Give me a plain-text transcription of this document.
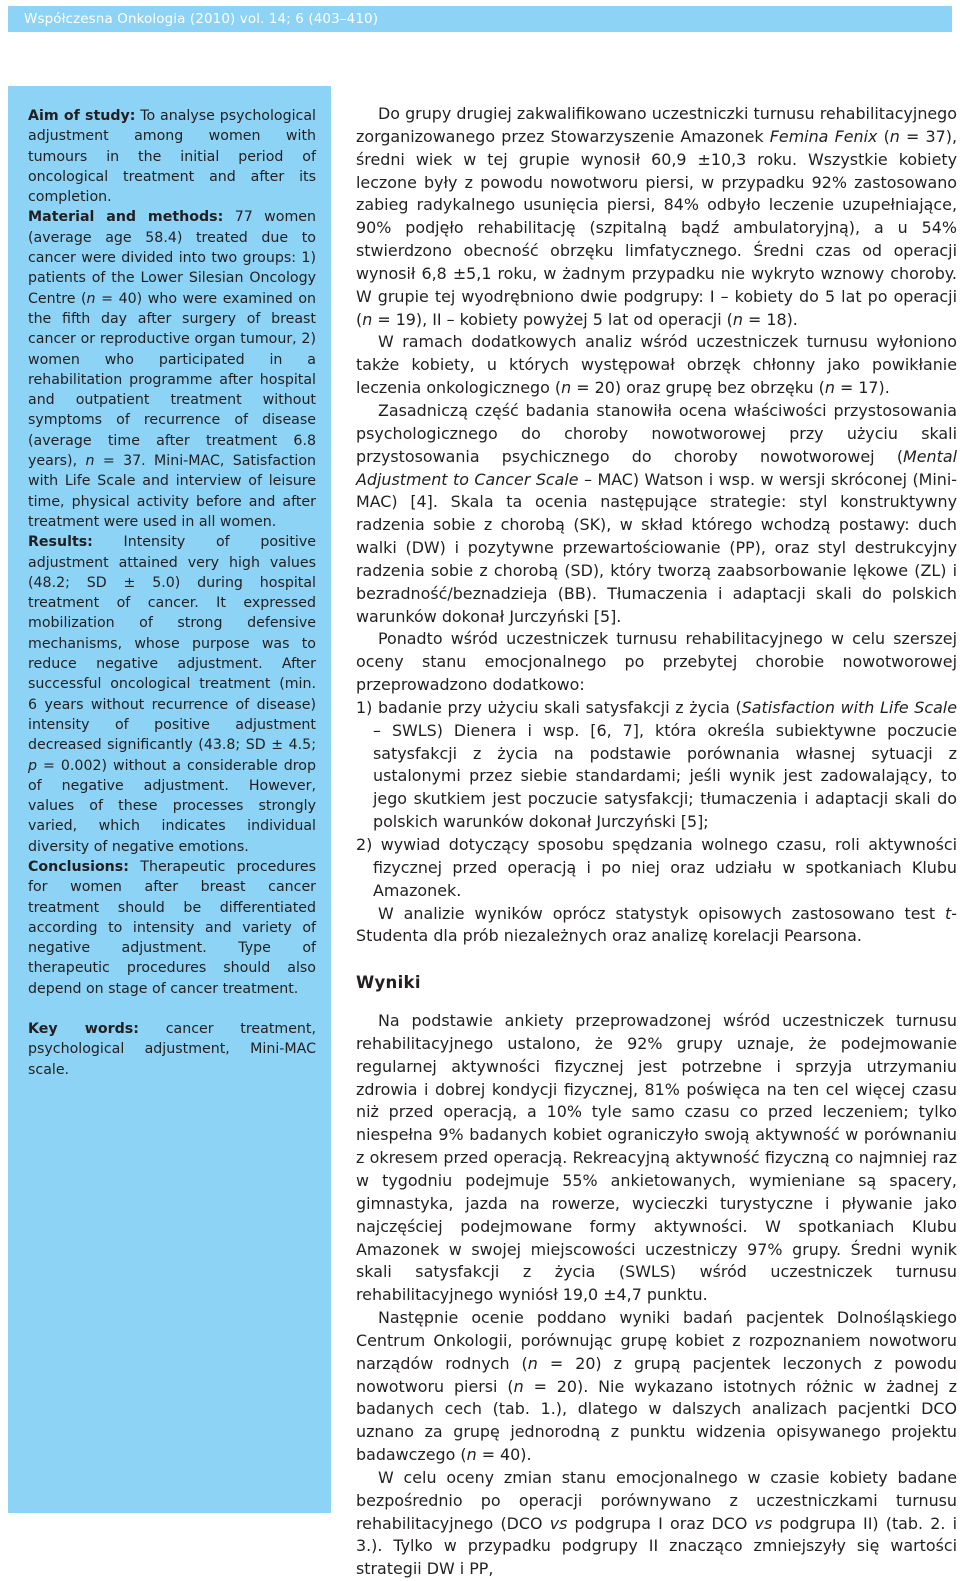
Współczesna Onkologia (2010) vol. 14; 6 (403–410)

Aim of study: To analyse psychological adjustment among women with tumours in the initial period of oncological treatment and after its completion.

Material and methods: 77 women (average age 58.4) treated due to cancer were divided into two groups: 1) patients of the Lower Silesian Oncology Centre (n = 40) who were examined on the fifth day after surgery of breast cancer or reproductive organ tumour, 2) women who participated in a rehabilitation programme after hospital and outpatient treatment without symptoms of recurrence of disease (average time after treatment 6.8 years), n = 37. Mini-MAC, Satisfaction with Life Scale and interview of leisure time, physical activity before and after treatment were used in all women.

Results: Intensity of positive adjustment attained very high values (48.2; SD ± 5.0) during hospital treatment of cancer. It expressed mobilization of strong defensive mechanisms, whose purpose was to reduce negative adjustment. After successful oncological treatment (min. 6 years without recurrence of disease) intensity of positive adjustment decreased significantly (43.8; SD ± 4.5; p = 0.002) without a considerable drop of negative adjustment. However, values of these processes strongly varied, which indicates individual diversity of negative emotions.

Conclusions: Therapeutic procedures for women after breast cancer treatment should be differentiated according to intensity and variety of negative adjustment. Type of therapeutic procedures should also depend on stage of cancer treatment.

Key words: cancer treatment, psychological adjustment, Mini-MAC scale.

Do grupy drugiej zakwalifikowano uczestniczki turnusu rehabilitacyjnego zorganizowanego przez Stowarzyszenie Amazonek Femina Fenix (n = 37), średni wiek w tej grupie wynosił 60,9 ±10,3 roku. Wszystkie kobiety leczone były z powodu nowotworu piersi, w przypadku 92% zastosowano zabieg radykalnego usunięcia piersi, 84% odbyło leczenie uzupełniające, 90% podjęło rehabilitację (szpitalną bądź ambulatoryjną), a u 54% stwierdzono obecność obrzęku limfatycznego. Średni czas od operacji wynosił 6,8 ±5,1 roku, w żadnym przypadku nie wykryto wznowy choroby. W grupie tej wyodrębniono dwie podgrupy: I – kobiety do 5 lat po operacji (n = 19), II – kobiety powyżej 5 lat od operacji (n = 18).

W ramach dodatkowych analiz wśród uczestniczek turnusu wyłoniono także kobiety, u których występował obrzęk chłonny jako powikłanie leczenia onkologicznego (n = 20) oraz grupę bez obrzęku (n = 17).

Zasadniczą część badania stanowiła ocena właściwości przystosowania psychologicznego do choroby nowotworowej przy użyciu skali przystosowania psychicznego do choroby nowotworowej (Mental Adjustment to Cancer Scale – MAC) Watson i wsp. w wersji skróconej (Mini-MAC) [4]. Skala ta ocenia następujące strategie: styl konstruktywny radzenia sobie z chorobą (SK), w skład którego wchodzą postawy: duch walki (DW) i pozytywne przewartościowanie (PP), oraz styl destrukcyjny radzenia sobie z chorobą (SD), który tworzą zaabsorbowanie lękowe (ZL) i bezradność/beznadzieja (BB). Tłumaczenia i adaptacji skali do polskich warunków dokonał Jurczyński [5].

Ponadto wśród uczestniczek turnusu rehabilitacyjnego w celu szerszej oceny stanu emocjonalnego po przebytej chorobie nowotworowej przeprowadzono dodatkowo:

1) badanie przy użyciu skali satysfakcji z życia (Satisfaction with Life Scale – SWLS) Dienera i wsp. [6, 7], która określa subiektywne poczucie satysfakcji z życia na podstawie porównania własnej sytuacji z ustalonymi przez siebie standardami; jeśli wynik jest zadowalający, to jego skutkiem jest poczucie satysfakcji; tłumaczenia i adaptacji skali do polskich warunków dokonał Jurczyński [5];
2) wywiad dotyczący sposobu spędzania wolnego czasu, roli aktywności fizycznej przed operacją i po niej oraz udziału w spotkaniach Klubu Amazonek.

W analizie wyników oprócz statystyk opisowych zastosowano test t-Studenta dla prób niezależnych oraz analizę korelacji Pearsona.

Wyniki

Na podstawie ankiety przeprowadzonej wśród uczestniczek turnusu rehabilitacyjnego ustalono, że 92% grupy uznaje, że podejmowanie regularnej aktywności fizycznej jest potrzebne i sprzyja utrzymaniu zdrowia i dobrej kondycji fizycznej, 81% poświęca na ten cel więcej czasu niż przed operacją, a 10% tyle samo czasu co przed leczeniem; tylko niespełna 9% badanych kobiet ograniczyło swoją aktywność w porównaniu z okresem przed operacją. Rekreacyjną aktywność fizyczną co najmniej raz w tygodniu podejmuje 55% ankietowanych, wymieniane są spacery, gimnastyka, jazda na rowerze, wycieczki turystyczne i pływanie jako najczęściej podejmowane formy aktywności. W spotkaniach Klubu Amazonek w swojej miejscowości uczestniczy 97% grupy. Średni wynik skali satysfakcji z życia (SWLS) wśród uczestniczek turnusu rehabilitacyjnego wyniósł 19,0 ±4,7 punktu.

Następnie ocenie poddano wyniki badań pacjentek Dolnośląskiego Centrum Onkologii, porównując grupę kobiet z rozpoznaniem nowotworu narządów rodnych (n = 20) z grupą pacjentek leczonych z powodu nowotworu piersi (n = 20). Nie wykazano istotnych różnic w żadnej z badanych cech (tab. 1.), dlatego w dalszych analizach pacjentki DCO uznano za grupę jednorodną z punktu widzenia opisywanego projektu badawczego (n = 40).

W celu oceny zmian stanu emocjonalnego w czasie kobiety badane bezpośrednio po operacji porównywano z uczestniczkami turnusu rehabilitacyjnego (DCO vs podgrupa I oraz DCO vs podgrupa II) (tab. 2. i 3.). Tylko w przypadku podgrupy II znacząco zmniejszyły się wartości strategii DW i PP,
